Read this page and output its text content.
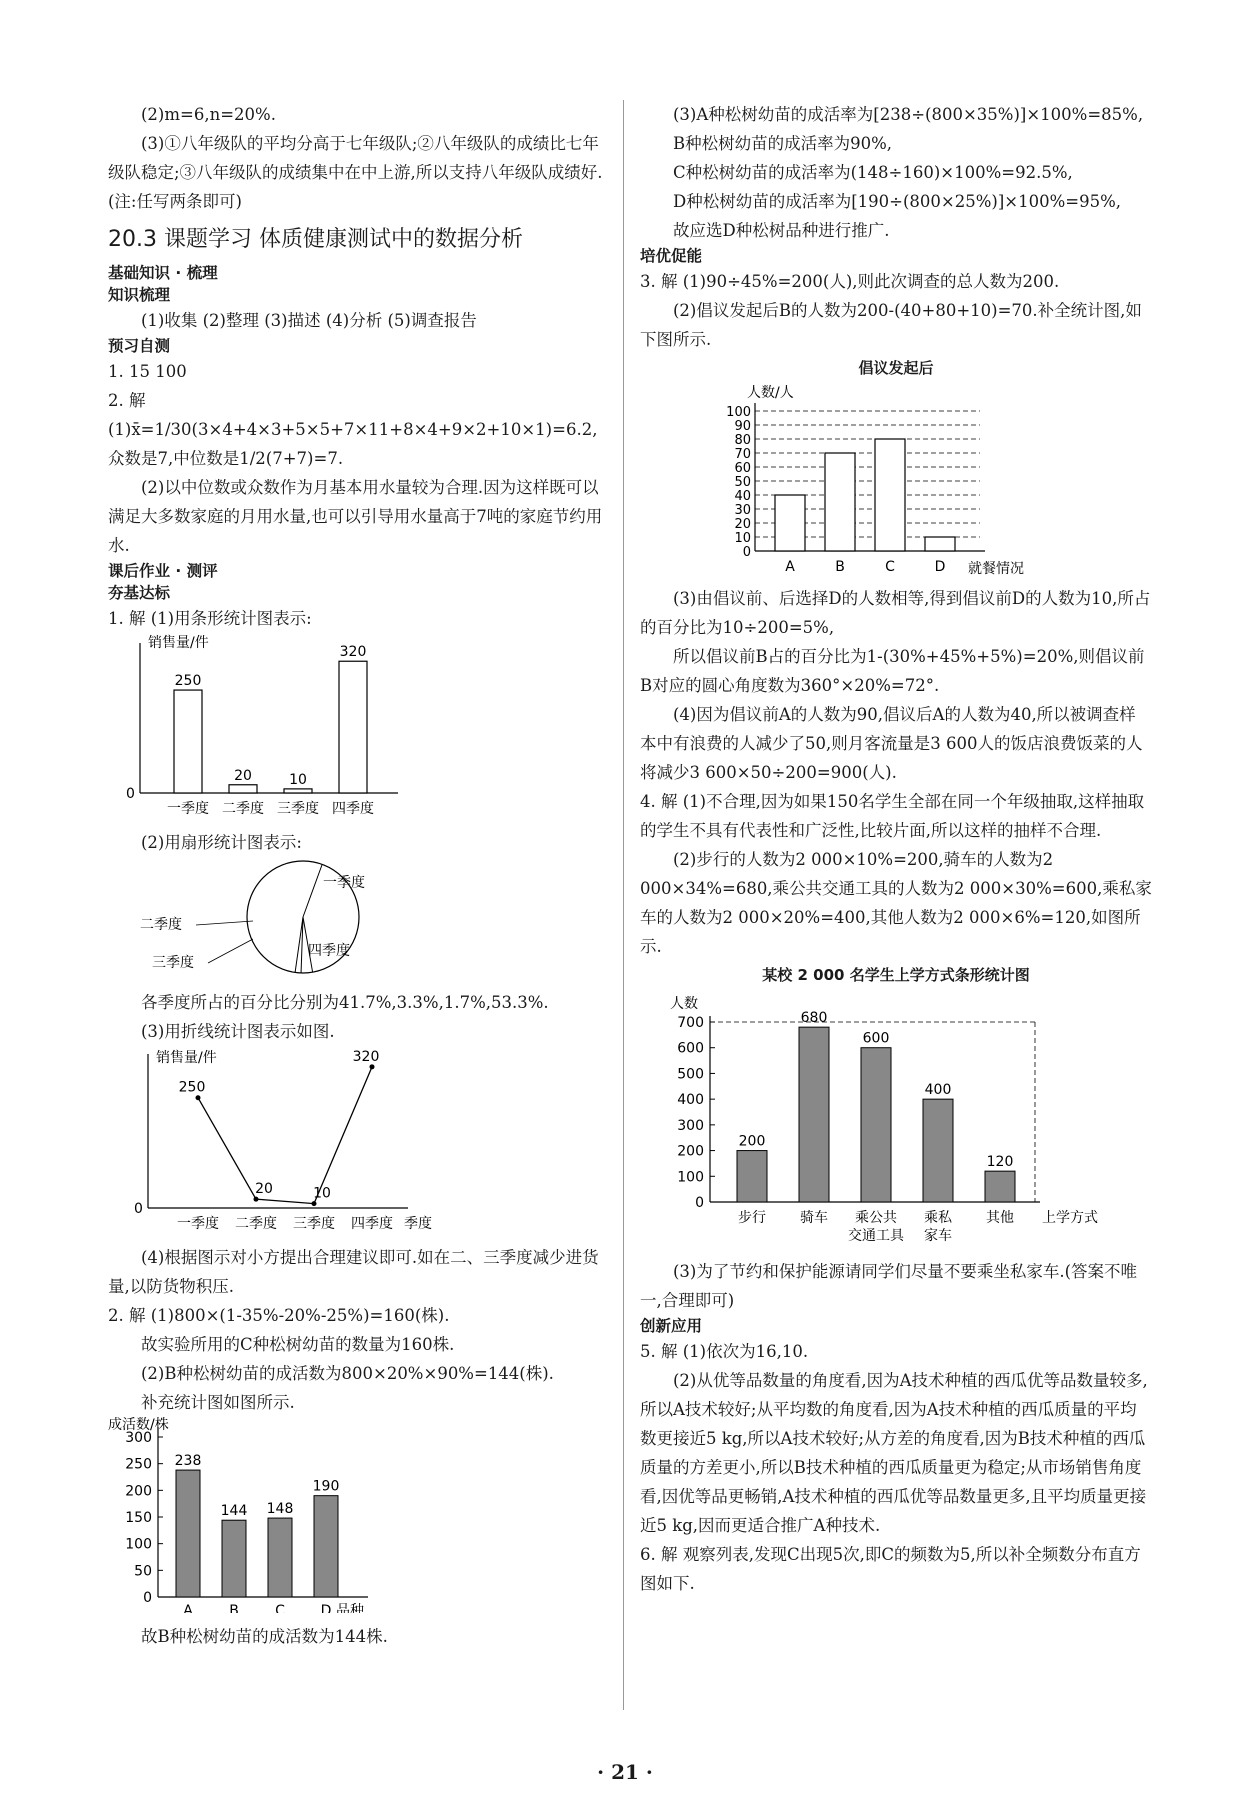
(2)m=6,n=20%.

(3)①八年级队的平均分高于七年级队;②八年级队的成绩比七年级队稳定;③八年级队的成绩集中在中上游,所以支持八年级队成绩好.(注:任写两条即可)

20.3 课题学习 体质健康测试中的数据分析
基础知识 · 梳理
知识梳理

(1)收集 (2)整理 (3)描述 (4)分析 (5)调查报告

预习自测

1. 15 100

2. 解 (1)x̄=1/30(3×4+4×3+5×5+7×11+8×4+9×2+10×1)=6.2,众数是7,中位数是1/2(7+7)=7.

(2)以中位数或众数作为月基本用水量较为合理.因为这样既可以满足大多数家庭的月用水量,也可以引导用水量高于7吨的家庭节约用水.

课后作业 · 测评
夯基达标

1. 解 (1)用条形统计图表示:

销售量/件
0
250
一季度
20
二季度
10
三季度
320
四季度

(2)用扇形统计图表示:

一季度
二季度
三季度
四季度

各季度所占的百分比分别为41.7%,3.3%,1.7%,53.3%.

(3)用折线统计图表示如图.

销售量/件
0
250
一季度
20
二季度
10
三季度
320
四季度 季度

(4)根据图示对小方提出合理建议即可.如在二、三季度减少进货量,以防货物积压.

2. 解 (1)800×(1-35%-20%-25%)=160(株).

故实验所用的C种松树幼苗的数量为160株.

(2)B种松树幼苗的成活数为800×20%×90%=144(株).

补充统计图如图所示.

成活数/株
50
100
150
200
250
300
0
238
A
144
B
148
C
190
D 品种

故B种松树幼苗的成活数为144株.

(3)A种松树幼苗的成活率为[238÷(800×35%)]×100%=85%,

B种松树幼苗的成活率为90%,

C种松树幼苗的成活率为(148÷160)×100%=92.5%,

D种松树幼苗的成活率为[190÷(800×25%)]×100%=95%,

故应选D种松树品种进行推广.

培优促能

3. 解 (1)90÷45%=200(人),则此次调查的总人数为200.

(2)倡议发起后B的人数为200-(40+80+10)=70.补全统计图,如下图所示.

倡议发起后
人数/人
0
10
20
30
40
50
60
70
80
90
100
A	B	C	D 就餐情况

(3)由倡议前、后选择D的人数相等,得到倡议前D的人数为10,所占的百分比为10÷200=5%,

所以倡议前B占的百分比为1-(30%+45%+5%)=20%,则倡议前B对应的圆心角度数为360°×20%=72°.

(4)因为倡议前A的人数为90,倡议后A的人数为40,所以被调查样本中有浪费的人减少了50,则月客流量是3 600人的饭店浪费饭菜的人将减少3 600×50÷200=900(人).

4. 解 (1)不合理,因为如果150名学生全部在同一个年级抽取,这样抽取的学生不具有代表性和广泛性,比较片面,所以这样的抽样不合理.

(2)步行的人数为2 000×10%=200,骑车的人数为2 000×34%=680,乘公共交通工具的人数为2 000×30%=600,乘私家车的人数为2 000×20%=400,其他人数为2 000×6%=120,如图所示.

某校 2 000 名学生上学方式条形统计图
人数
0
100
200
300
400
500
600
700
200
步行
680
骑车
600
乘公共
交通工具
400
乘私
家车
120
其他 上学方式

(3)为了节约和保护能源请同学们尽量不要乘坐私家车.(答案不唯一,合理即可)

创新应用

5. 解 (1)依次为16,10.

(2)从优等品数量的角度看,因为A技术种植的西瓜优等品数量较多,所以A技术较好;从平均数的角度看,因为A技术种植的西瓜质量的平均数更接近5 kg,所以A技术较好;从方差的角度看,因为B技术种植的西瓜质量的方差更小,所以B技术种植的西瓜质量更为稳定;从市场销售角度看,因优等品更畅销,A技术种植的西瓜优等品数量更多,且平均质量更接近5 kg,因而更适合推广A种技术.

6. 解 观察列表,发现C出现5次,即C的频数为5,所以补全频数分布直方图如下.

· 21 ·
